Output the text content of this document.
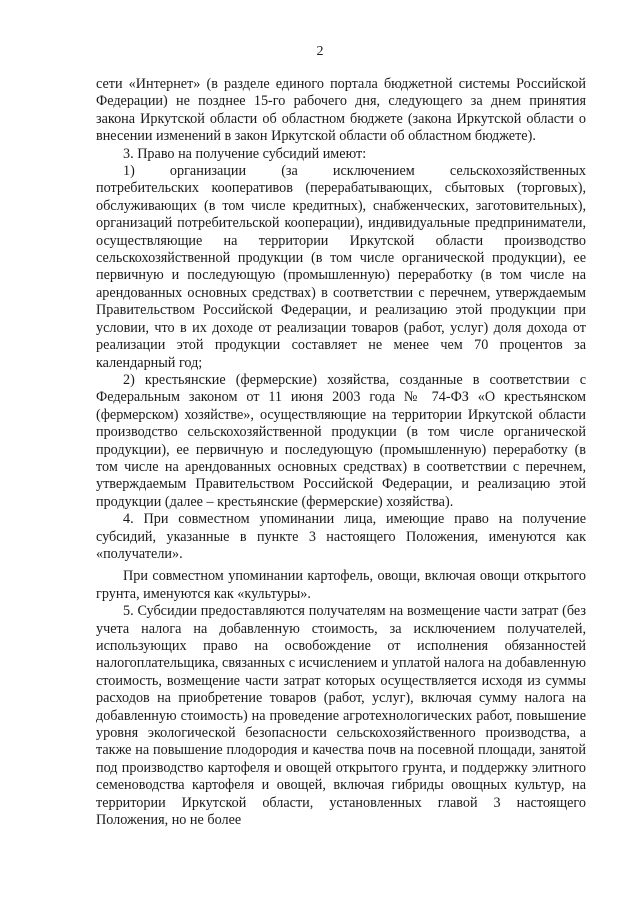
2

сети «Интернет» (в разделе единого портала бюджетной системы Российской Федерации) не позднее 15-го рабочего дня, следующего за днем принятия закона Иркутской области об областном бюджете (закона Иркутской области о внесении изменений в закон Иркутской области об областном бюджете).

3. Право на получение субсидий имеют:

1) организации (за исключением сельскохозяйственных

потребительских кооперативов (перерабатывающих, сбытовых (торговых), обслуживающих (в том числе кредитных), снабженческих, заготовительных), организаций потребительской кооперации), индивидуальные предприниматели, осуществляющие на территории Иркутской области производство сельскохозяйственной продукции (в том числе органической продукции), ее первичную и последующую (промышленную) переработку (в том числе на арендованных основных средствах) в соответствии с перечнем, утверждаемым Правительством Российской Федерации, и реализацию этой продукции при условии, что в их доходе от реализации товаров (работ, услуг) доля дохода от реализации этой продукции составляет не менее чем 70 процентов за календарный год;

2) крестьянские (фермерские) хозяйства, созданные в соответствии с Федеральным законом от 11 июня 2003 года № 74-ФЗ «О крестьянском (фермерском) хозяйстве», осуществляющие на территории Иркутской области производство сельскохозяйственной продукции (в том числе органической продукции), ее первичную и последующую (промышленную) переработку (в том числе на арендованных основных средствах) в соответствии с перечнем, утверждаемым Правительством Российской Федерации, и реализацию этой продукции (далее – крестьянские (фермерские) хозяйства).

4. При совместном упоминании лица, имеющие право на получение субсидий, указанные в пункте 3 настоящего Положения, именуются как «получатели».

При совместном упоминании картофель, овощи, включая овощи открытого грунта, именуются как «культуры».

5. Субсидии предоставляются получателям на возмещение части затрат (без учета налога на добавленную стоимость, за исключением получателей, использующих право на освобождение от исполнения обязанностей налогоплательщика, связанных с исчислением и уплатой налога на добавленную стоимость, возмещение части затрат которых осуществляется исходя из суммы расходов на приобретение товаров (работ, услуг), включая сумму налога на добавленную стоимость) на проведение агротехнологических работ, повышение уровня экологической безопасности сельскохозяйственного производства, а также на повышение плодородия и качества почв на посевной площади, занятой под производство картофеля и овощей открытого грунта, и поддержку элитного семеноводства картофеля и овощей, включая гибриды овощных культур, на территории Иркутской области, установленных главой 3 настоящего Положения, но не более
